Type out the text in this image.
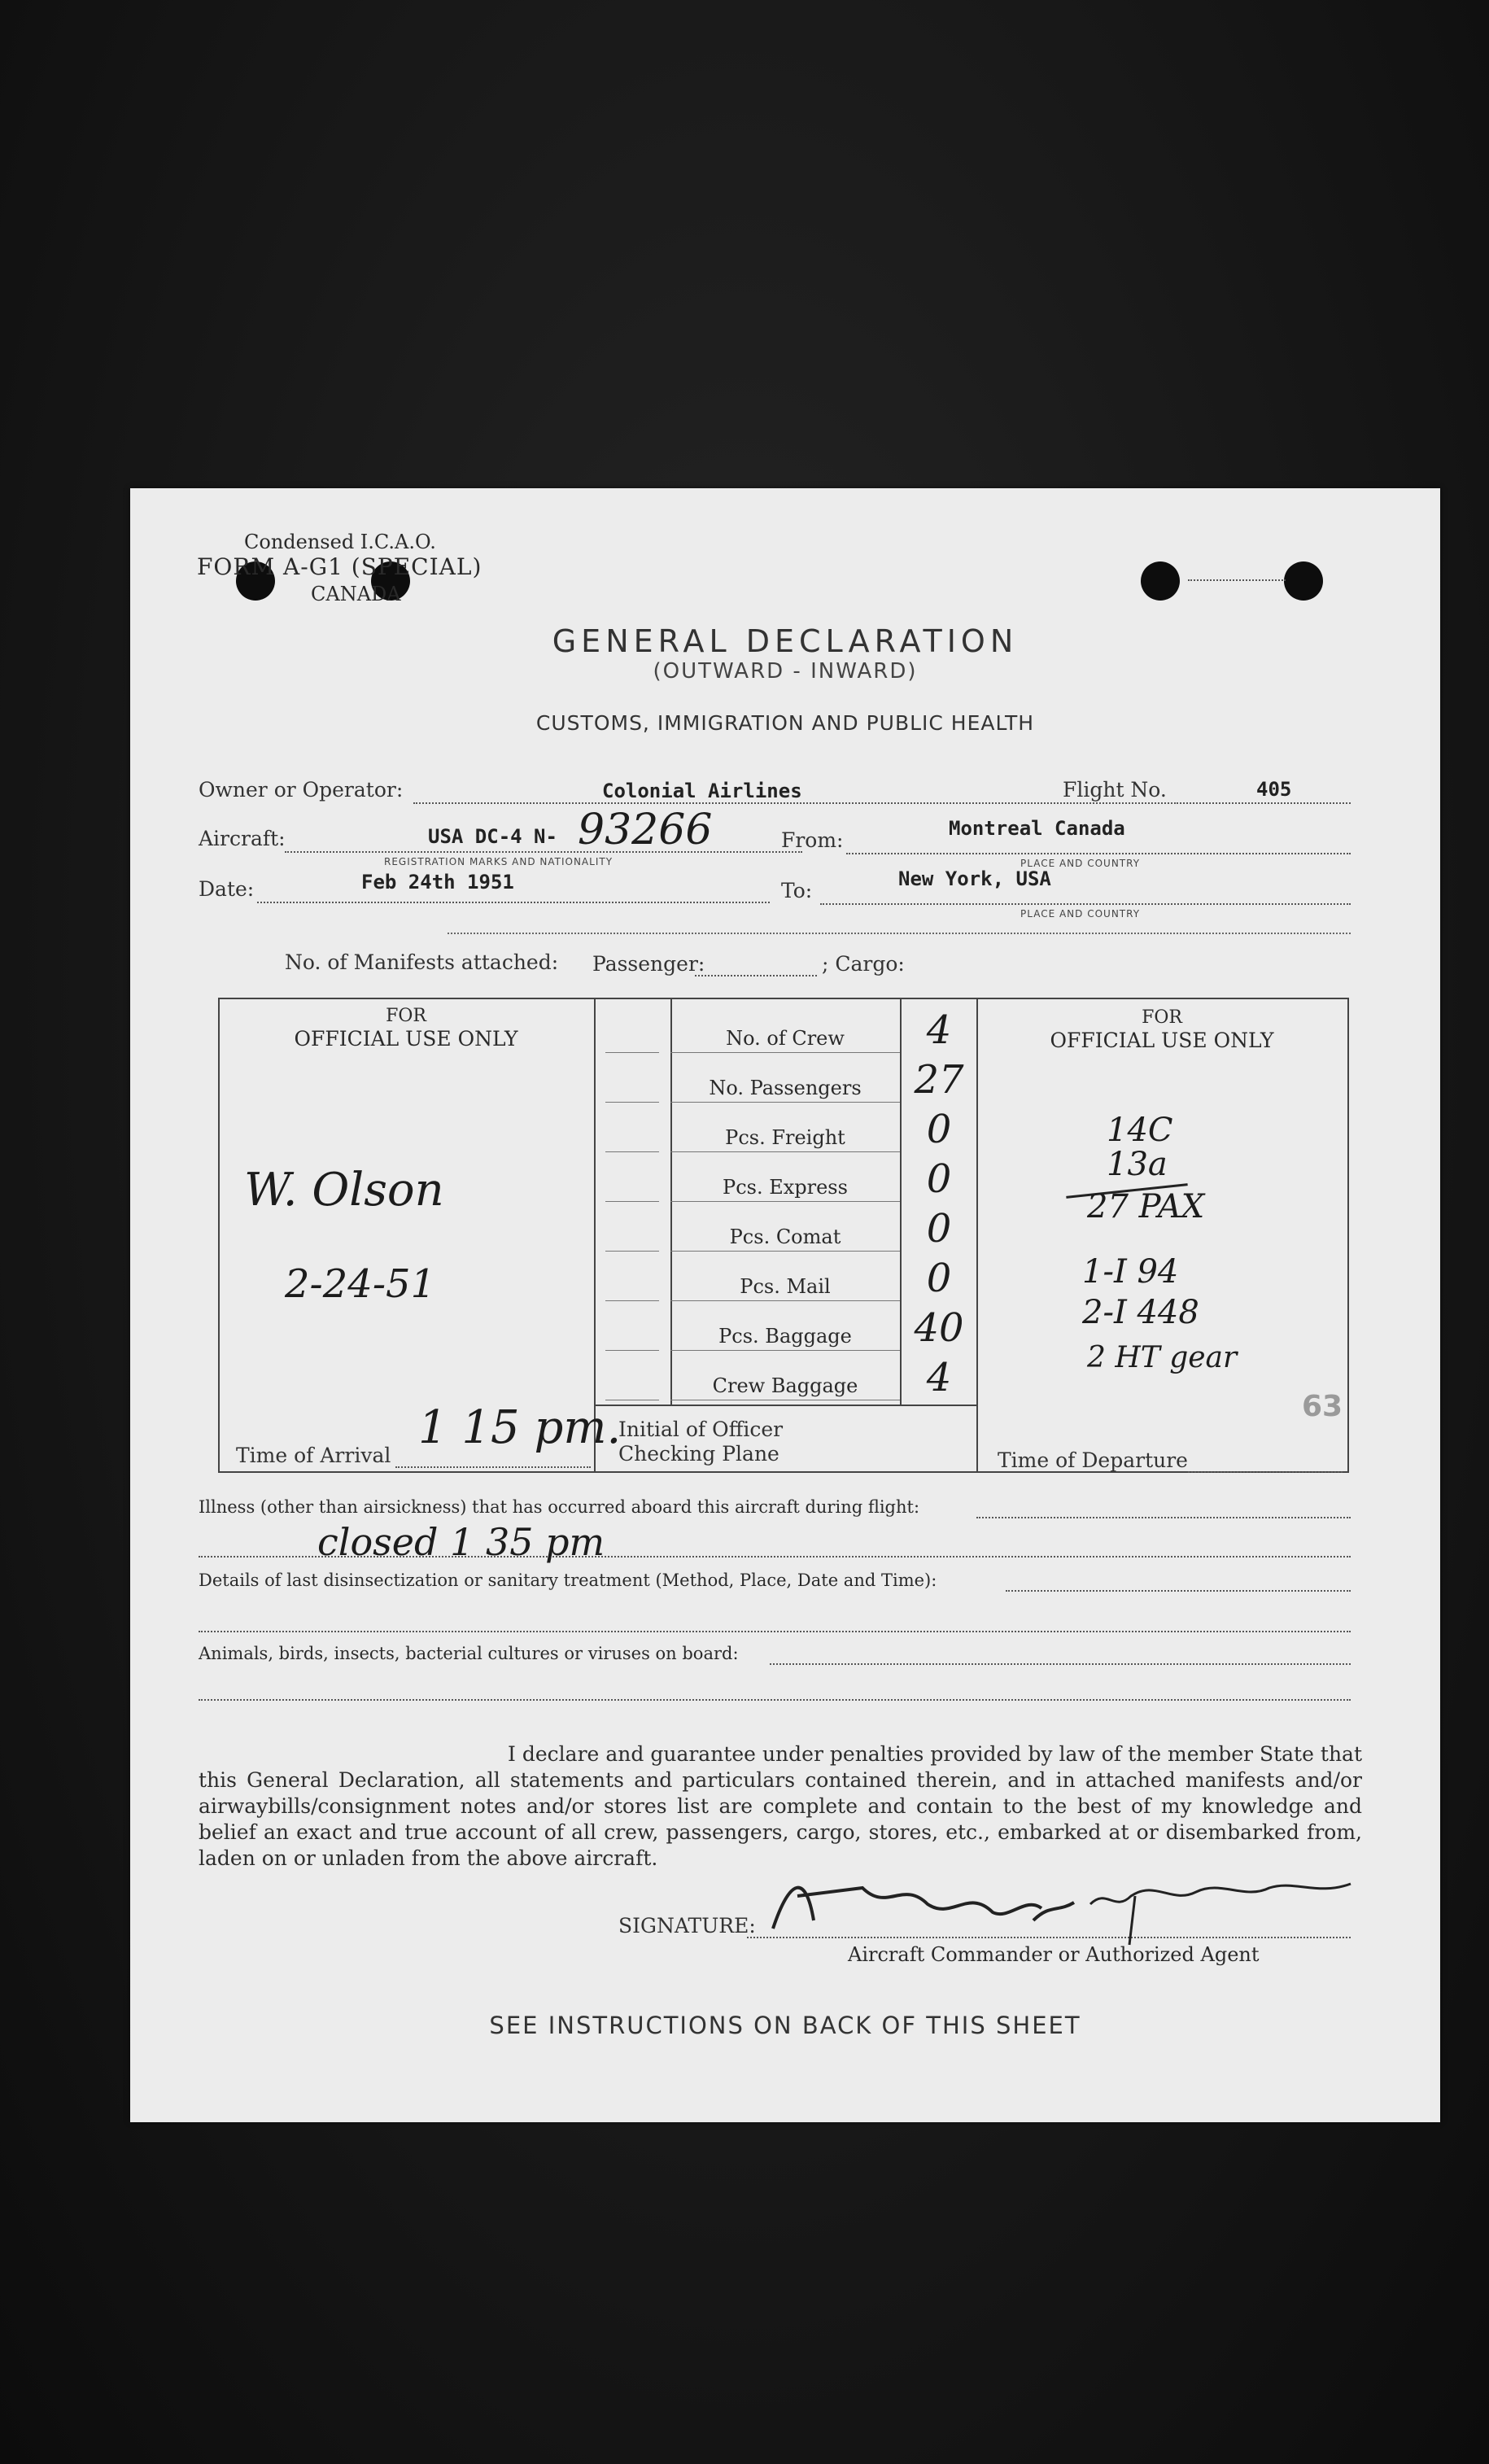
Condensed I.C.A.O.
FORM A-G1 (SPECIAL)
CANADA
GENERAL DECLARATION
(OUTWARD - INWARD)
CUSTOMS, IMMIGRATION AND PUBLIC HEALTH
Owner or Operator:	Colonial Airlines	Flight No.	405
Aircraft:	USA DC-4 N- 93266
REGISTRATION MARKS AND NATIONALITY
From:	Montreal Canada
PLACE AND COUNTRY
Date:	Feb 24th 1951	To:	New York, USA
PLACE AND COUNTRY
No. of Manifests attached: Passenger:	; Cargo:
FOR
OFFICIAL USE ONLY
FOR
OFFICIAL USE ONLY
No. of Crew	4
No. Passengers	27
Pcs. Freight	0
Pcs. Express	0
Pcs. Comat	0
Pcs. Mail	0
Pcs. Baggage	40
Crew Baggage	4
W. Olson
2-24-51
Time of Arrival
1 15 pm.
Initial of Officer
Checking Plane	Time of Departure
14C
13a
27 PAX
1-I 94
2-I 448
2 HT gear
63
Illness (other than airsickness) that has occurred aboard this aircraft during flight:
closed 1 35 pm
Details of last disinsectization or sanitary treatment (Method, Place, Date and Time):
Animals, birds, insects, bacterial cultures or viruses on board:
I declare and guarantee under penalties provided by law of the member State that this General Declaration, all statements and particulars contained therein, and in attached manifests and/or airwaybills/consignment notes and/or stores list are complete and contain to the best of my knowledge and belief an exact and true account of all crew, passengers, cargo, stores, etc., embarked at or disembarked from, laden on or unladen from the above aircraft.
SIGNATURE:
Aircraft Commander or Authorized Agent
SEE INSTRUCTIONS ON BACK OF THIS SHEET
